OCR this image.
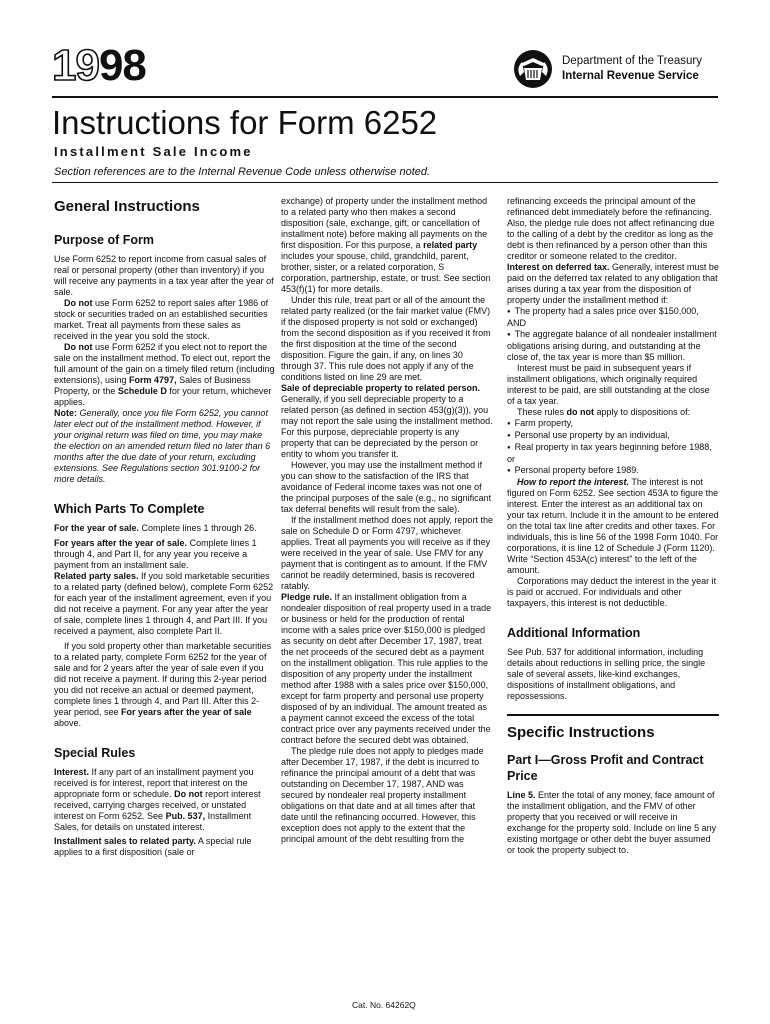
1998	Department of the Treasury
Internal Revenue Service
Instructions for Form 6252
Installment Sale Income
Section references are to the Internal Revenue Code unless otherwise noted.
General Instructions
Purpose of Form

Use Form 6252 to report income from casual sales of real or personal property (other than inventory) if you will receive any payments in a tax year after the year of sale.

Do not use Form 6252 to report sales after 1986 of stock or securities traded on an established securities market. Treat all payments from these sales as received in the year you sold the stock.

Do not use Form 6252 if you elect not to report the sale on the installment method. To elect out, report the full amount of the gain on a timely filed return (including extensions), using Form 4797, Sales of Business Property, or the Schedule D for your return, whichever applies.

Note: Generally, once you file Form 6252, you cannot later elect out of the installment method. However, if your original return was filed on time, you may make the election on an amended return filed no later than 6 months after the due date of your return, excluding extensions. See Regulations section 301.9100-2 for more details.

Which Parts To Complete

For the year of sale. Complete lines 1 through 26.

For years after the year of sale. Complete lines 1 through 4, and Part II, for any year you receive a payment from an installment sale.

Related party sales. If you sold marketable securities to a related party (defined below), complete Form 6252 for each year of the installment agreement, even if you did not receive a payment. For any year after the year of sale, complete lines 1 through 4, and Part III. If you received a payment, also complete Part II.

If you sold property other than marketable securities to a related party, complete Form 6252 for the year of sale and for 2 years after the year of sale even if you did not receive a payment. If during this 2-year period you did not receive an actual or deemed payment, complete lines 1 through 4, and Part III. After this 2-year period, see For years after the year of sale above.

Special Rules

Interest. If any part of an installment payment you received is for interest, report that interest on the appropriate form or schedule. Do not report interest received, carrying charges received, or unstated interest on Form 6252. See Pub. 537, Installment Sales, for details on unstated interest.

Installment sales to related party. A special rule applies to a first disposition (sale or

exchange) of property under the installment method to a related party who then makes a second disposition (sale, exchange, gift, or cancellation of installment note) before making all payments on the first disposition. For this purpose, a related party includes your spouse, child, grandchild, parent, brother, sister, or a related corporation, S corporation, partnership, estate, or trust. See section 453(f)(1) for more details.

Under this rule, treat part or all of the amount the related party realized (or the fair market value (FMV) if the disposed property is not sold or exchanged) from the second disposition as if you received it from the first disposition at the time of the second disposition. Figure the gain, if any, on lines 30 through 37. This rule does not apply if any of the conditions listed on line 29 are met.

Sale of depreciable property to related person. Generally, if you sell depreciable property to a related person (as defined in section 453(g)(3)), you may not report the sale using the installment method. For this purpose, depreciable property is any property that can be depreciated by the person or entity to whom you transfer it.

However, you may use the installment method if you can show to the satisfaction of the IRS that avoidance of Federal income taxes was not one of the principal purposes of the sale (e.g., no significant tax deferral benefits will result from the sale).

If the installment method does not apply, report the sale on Schedule D or Form 4797, whichever applies. Treat all payments you will receive as if they were received in the year of sale. Use FMV for any payment that is contingent as to amount. If the FMV cannot be readily determined, basis is recovered ratably.

Pledge rule. If an installment obligation from a nondealer disposition of real property used in a trade or business or held for the production of rental income with a sales price over $150,000 is pledged as security on debt after December 17, 1987, treat the net proceeds of the secured debt as a payment on the installment obligation. This rule applies to the disposition of any property under the installment method after 1988 with a sales price over $150,000, except for farm property and personal use property disposed of by an individual. The amount treated as a payment cannot exceed the excess of the total contract price over any payments received under the contract before the secured debt was obtained.

The pledge rule does not apply to pledges made after December 17, 1987, if the debt is incurred to refinance the principal amount of a debt that was outstanding on December 17, 1987, AND was secured by nondealer real property installment obligations on that date and at all times after that date until the refinancing occurred. However, this exception does not apply to the extent that the principal amount of the debt resulting from the

refinancing exceeds the principal amount of the refinanced debt immediately before the refinancing. Also, the pledge rule does not affect refinancing due to the calling of a debt by the creditor as long as the debt is then refinanced by a person other than this creditor or someone related to the creditor.

Interest on deferred tax. Generally, interest must be paid on the deferred tax related to any obligation that arises during a tax year from the disposition of property under the installment method if:

● The property had a sales price over $150,000, AND

● The aggregate balance of all nondealer installment obligations arising during, and outstanding at the close of, the tax year is more than $5 million.

Interest must be paid in subsequent years if installment obligations, which originally required interest to be paid, are still outstanding at the close of a tax year.

These rules do not apply to dispositions of:

● Farm property,

● Personal use property by an individual,

● Real property in tax years beginning before 1988, or

● Personal property before 1989.

How to report the interest. The interest is not figured on Form 6252. See section 453A to figure the interest. Enter the interest as an additional tax on your tax return. Include it in the amount to be entered on the total tax line after credits and other taxes. For individuals, this is line 56 of the 1998 Form 1040. For corporations, it is line 12 of Schedule J (Form 1120). Write “Section 453A(c) interest” to the left of the amount.

Corporations may deduct the interest in the year it is paid or accrued. For individuals and other taxpayers, this interest is not deductible.

Additional Information

See Pub. 537 for additional information, including details about reductions in selling price, the single sale of several assets, like-kind exchanges, dispositions of installment obligations, and repossessions.

Specific Instructions
Part I—Gross Profit and Contract Price

Line 5. Enter the total of any money, face amount of the installment obligation, and the FMV of other property that you received or will receive in exchange for the property sold. Include on line 5 any existing mortgage or other debt the buyer assumed or took the property subject to.

Cat. No. 64262Q
